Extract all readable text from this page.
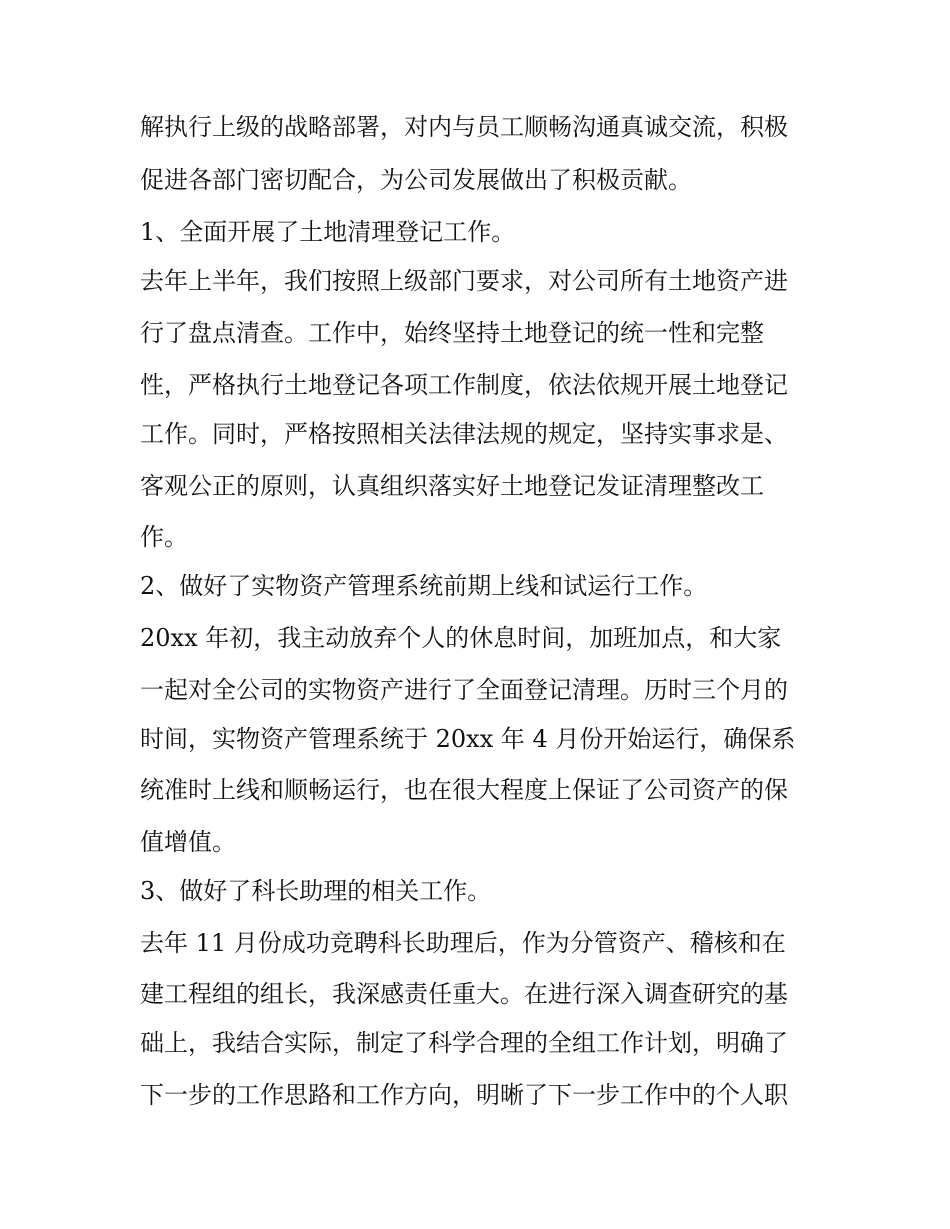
解执行上级的战略部署，对内与员工顺畅沟通真诚交流，积极
促进各部门密切配合，为公司发展做出了积极贡献。
1、全面开展了土地清理登记工作。
去年上半年，我们按照上级部门要求，对公司所有土地资产进
行了盘点清查。工作中，始终坚持土地登记的统一性和完整
性，严格执行土地登记各项工作制度，依法依规开展土地登记
工作。同时，严格按照相关法律法规的规定，坚持实事求是、
客观公正的原则，认真组织落实好土地登记发证清理整改工
作。
2、做好了实物资产管理系统前期上线和试运行工作。
20xx 年初，我主动放弃个人的休息时间，加班加点，和大家
一起对全公司的实物资产进行了全面登记清理。历时三个月的
时间，实物资产管理系统于 20xx 年 4 月份开始运行，确保系
统准时上线和顺畅运行，也在很大程度上保证了公司资产的保
值增值。
3、做好了科长助理的相关工作。
去年 11 月份成功竞聘科长助理后，作为分管资产、稽核和在
建工程组的组长，我深感责任重大。在进行深入调查研究的基
础上，我结合实际，制定了科学合理的全组工作计划，明确了
下一步的工作思路和工作方向，明晰了下一步工作中的个人职
